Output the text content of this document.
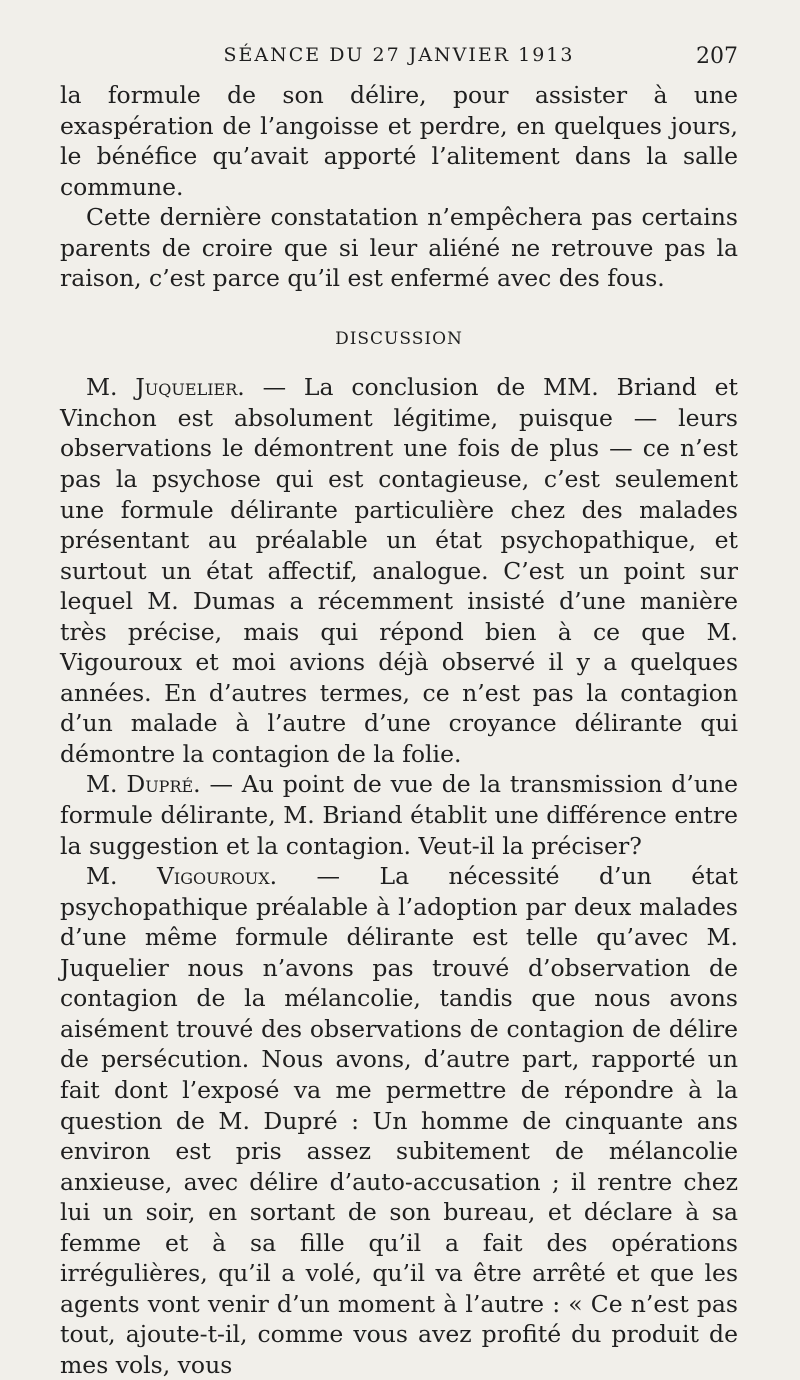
SÉANCE DU 27 JANVIER 1913	207

la formule de son délire, pour assister à une exaspération de l’angoisse et perdre, en quelques jours, le bénéfice qu’avait apporté l’alitement dans la salle commune.

Cette dernière constatation n’empêchera pas certains parents de croire que si leur aliéné ne retrouve pas la raison, c’est parce qu’il est enfermé avec des fous.

DISCUSSION

M. Juquelier. — La conclusion de MM. Briand et Vinchon est absolument légitime, puisque — leurs observations le démontrent une fois de plus — ce n’est pas la psychose qui est contagieuse, c’est seulement une formule délirante particulière chez des malades présentant au préalable un état psychopathique, et surtout un état affectif, analogue. C’est un point sur lequel M. Dumas a récemment insisté d’une manière très précise, mais qui répond bien à ce que M. Vigouroux et moi avions déjà observé il y a quelques années. En d’autres termes, ce n’est pas la contagion d’un malade à l’autre d’une croyance délirante qui démontre la contagion de la folie.

M. Dupré. — Au point de vue de la transmission d’une formule délirante, M. Briand établit une différence entre la suggestion et la contagion. Veut-il la préciser?

M. Vigouroux. — La nécessité d’un état psychopathique préalable à l’adoption par deux malades d’une même formule délirante est telle qu’avec M. Juquelier nous n’avons pas trouvé d’observation de contagion de la mélancolie, tandis que nous avons aisément trouvé des observations de contagion de délire de persécution. Nous avons, d’autre part, rapporté un fait dont l’exposé va me permettre de répondre à la question de M. Dupré : Un homme de cinquante ans environ est pris assez subitement de mélancolie anxieuse, avec délire d’auto-accusation ; il rentre chez lui un soir, en sortant de son bureau, et déclare à sa femme et à sa fille qu’il a fait des opérations irrégulières, qu’il a volé, qu’il va être arrêté et que les agents vont venir d’un moment à l’autre : « Ce n’est pas tout, ajoute-t-il, comme vous avez profité du produit de mes vols, vous
